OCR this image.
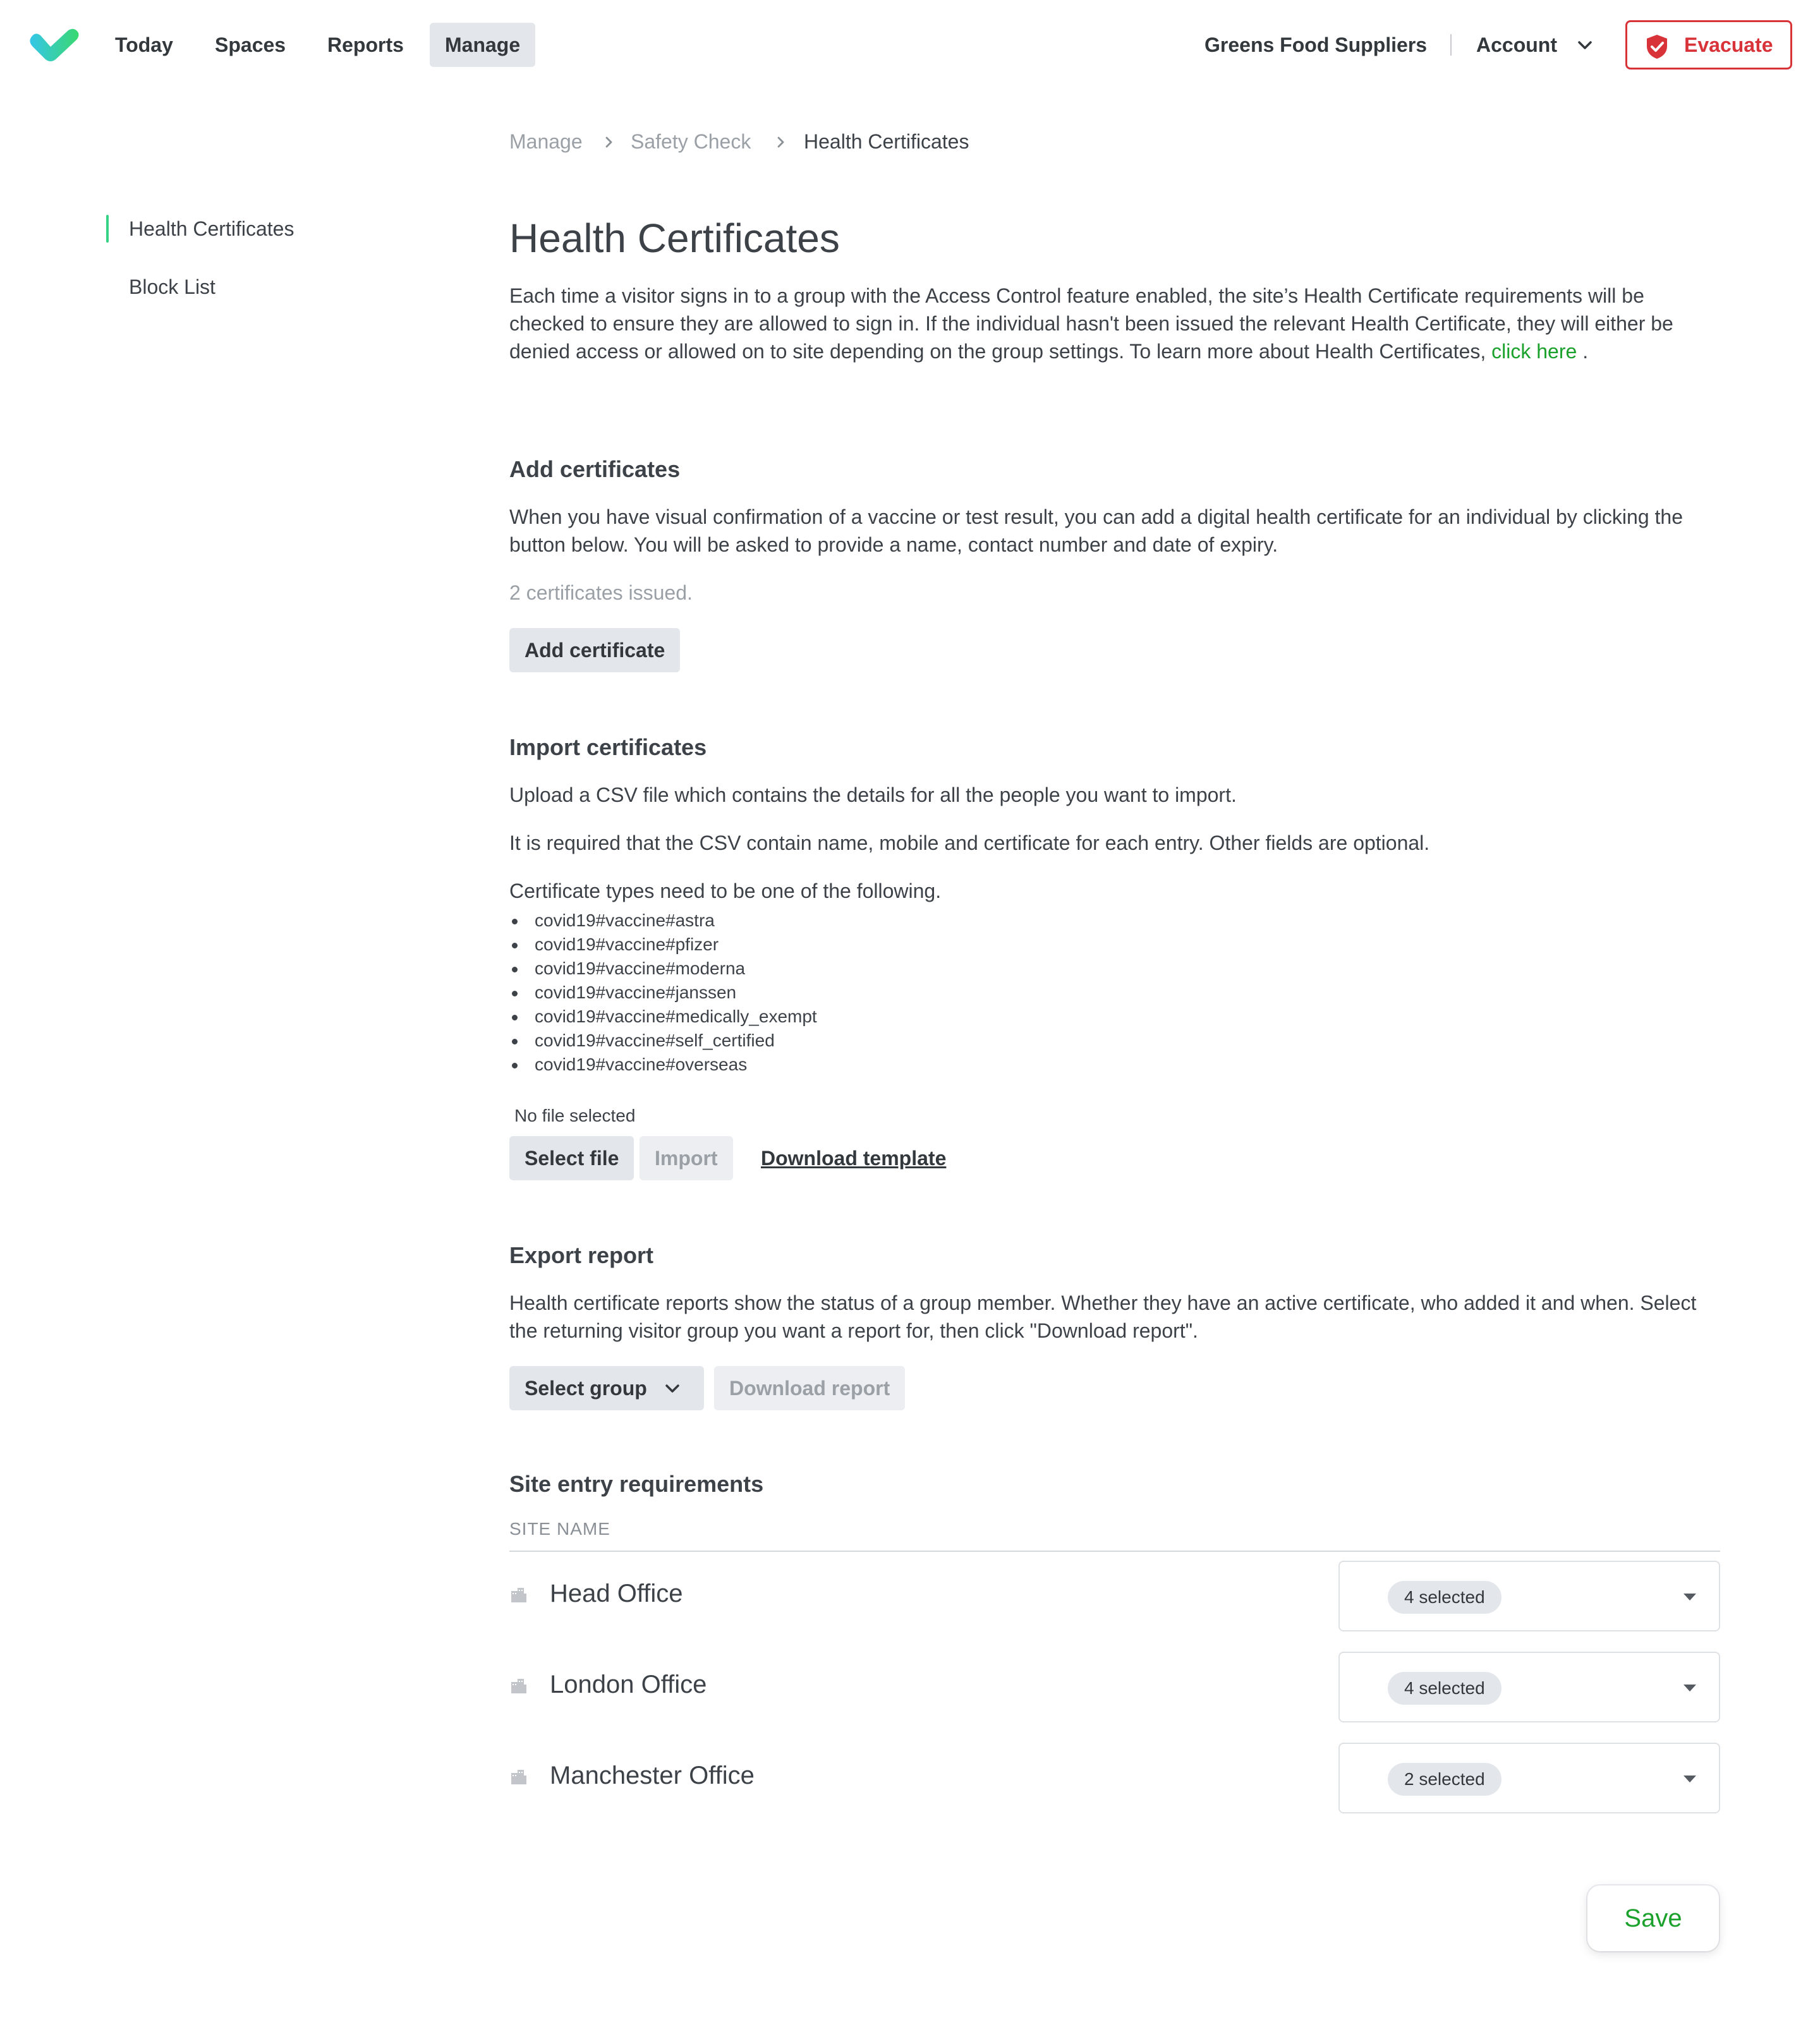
Today	Spaces	Reports	Manage	Greens Food Suppliers Account	Evacuate
Manage Safety Check	Health Certificates
Health Certificates
Block List
Health Certificates

Each time a visitor signs in to a group with the Access Control feature enabled, the site’s Health Certificate requirements will be checked to ensure they are allowed to sign in. If the individual hasn't been issued the relevant Health Certificate, they will either be denied access or allowed on to site depending on the group settings. To learn more about Health Certificates, click here .

Add certificates

When you have visual confirmation of a vaccine or test result, you can add a digital health certificate for an individual by clicking the button below. You will be asked to provide a name, contact number and date of expiry.

2 certificates issued.
Add certificate
Import certificates

Upload a CSV file which contains the details for all the people you want to import.

It is required that the CSV contain name, mobile and certificate for each entry. Other fields are optional.

Certificate types need to be one of the following.

covid19#vaccine#astra
covid19#vaccine#pfizer
covid19#vaccine#moderna
covid19#vaccine#janssen
covid19#vaccine#medically_exempt
covid19#vaccine#self_certified
covid19#vaccine#overseas
No file selected
Select file	Import	Download template
Export report

Health certificate reports show the status of a group member. Whether they have an active certificate, who added it and when. Select the returning visitor group you want a report for, then click "Download report".

Select group	Download report
Site entry requirements
SITE NAME
Head Office	4 selected
London Office	4 selected
Manchester Office	2 selected
Save
